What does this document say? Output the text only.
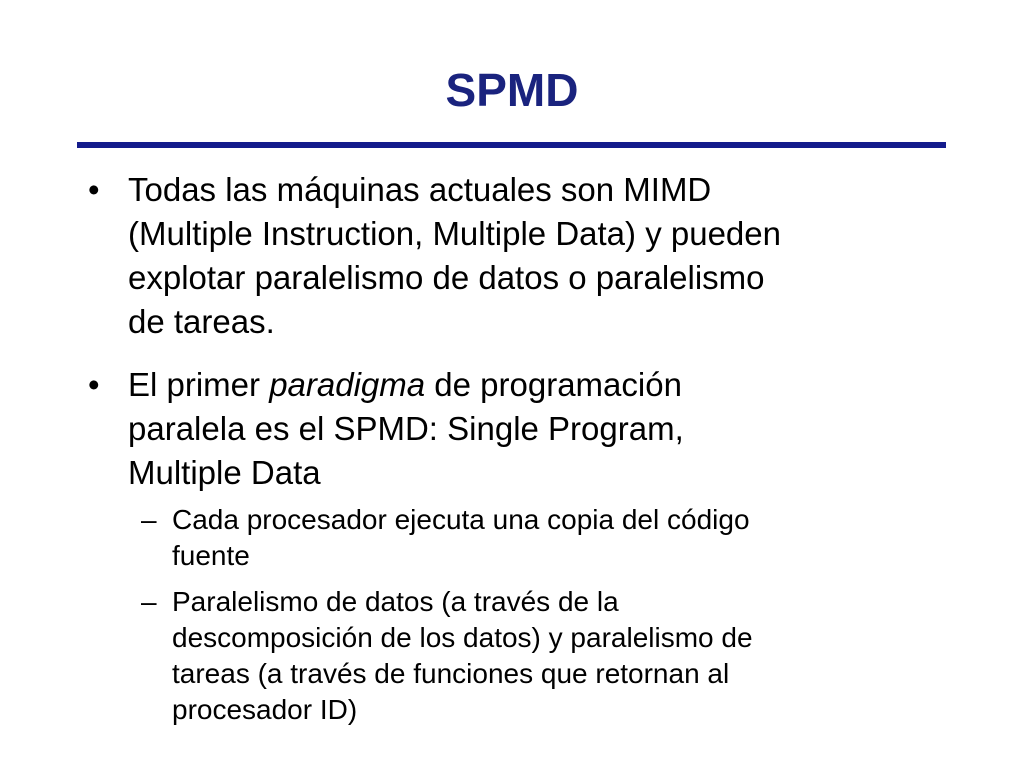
SPMD
• Todas las máquinas actuales son MIMD
(Multiple Instruction, Multiple Data) y pueden
explotar paralelismo de datos o paralelismo
de tareas.
• El primer paradigma de programación
paralela es el SPMD: Single Program,
Multiple Data
– Cada procesador ejecuta una copia del código
fuente
– Paralelismo de datos (a través de la
descomposición de los datos) y paralelismo de
tareas (a través de funciones que retornan al
procesador ID)
